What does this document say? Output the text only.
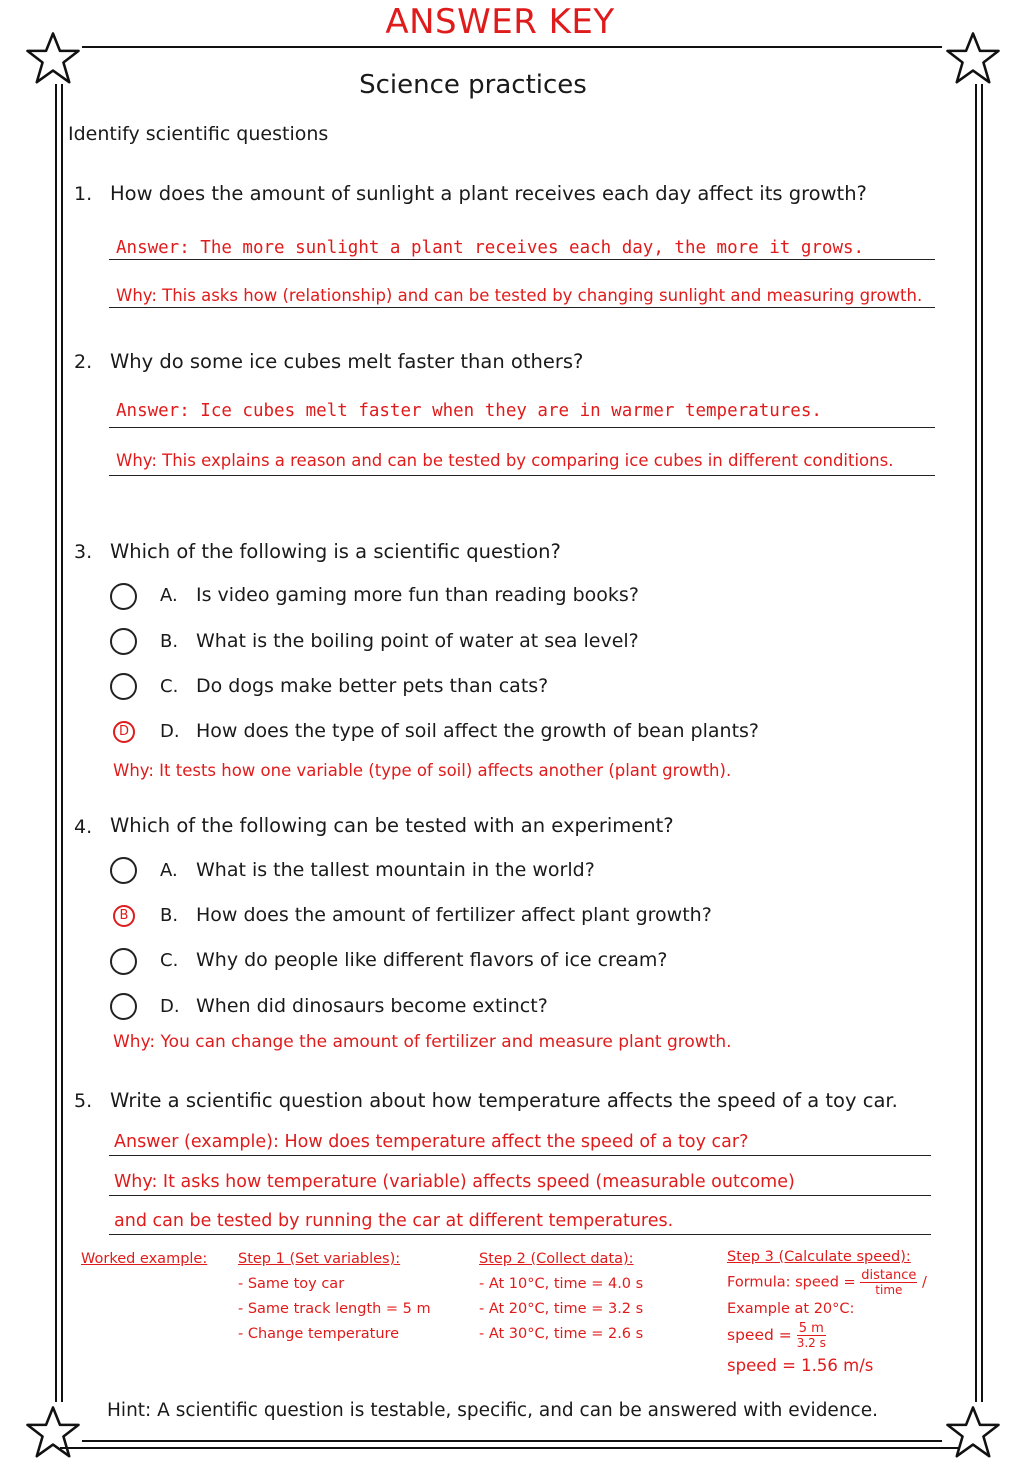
ANSWER KEY
Science practices
Identify scientific questions
1. How does the amount of sunlight a plant receives each day affect its growth?
Answer: The more sunlight a plant receives each day, the more it grows.
Why: This asks how (relationship) and can be tested by changing sunlight and measuring growth.
2. Why do some ice cubes melt faster than others?
Answer: Ice cubes melt faster when they are in warmer temperatures.
Why: This explains a reason and can be tested by comparing ice cubes in different conditions.
3. Which of the following is a scientific question?
A. Is video gaming more fun than reading books?
B. What is the boiling point of water at sea level?
C. Do dogs make better pets than cats?
D D. How does the type of soil affect the growth of bean plants?
Why: It tests how one variable (type of soil) affects another (plant growth).
4. Which of the following can be tested with an experiment?
A. What is the tallest mountain in the world?
B B. How does the amount of fertilizer affect plant growth?
C. Why do people like different flavors of ice cream?
D. When did dinosaurs become extinct?
Why: You can change the amount of fertilizer and measure plant growth.
5. Write a scientific question about how temperature affects the speed of a toy car.
Answer (example): How does temperature affect the speed of a toy car?
Why: It asks how temperature (variable) affects speed (measurable outcome)
and can be tested by running the car at different temperatures.
Worked example: Step 1 (Set variables):
- Same toy car
- Same track length = 5 m
- Change temperature
Step 2 (Collect data):
- At 10°C, time = 4.0 s
- At 20°C, time = 3.2 s
- At 30°C, time = 2.6 s
Step 3 (Calculate speed):
Formula: speed = $\frac{\text{distance}}{\text{time}}$ /
Example at 20°C:
speed = $\frac{5 m}{3.2 s}$
speed = 1.56 m/s
Hint: A scientific question is testable, specific, and can be answered with evidence.
